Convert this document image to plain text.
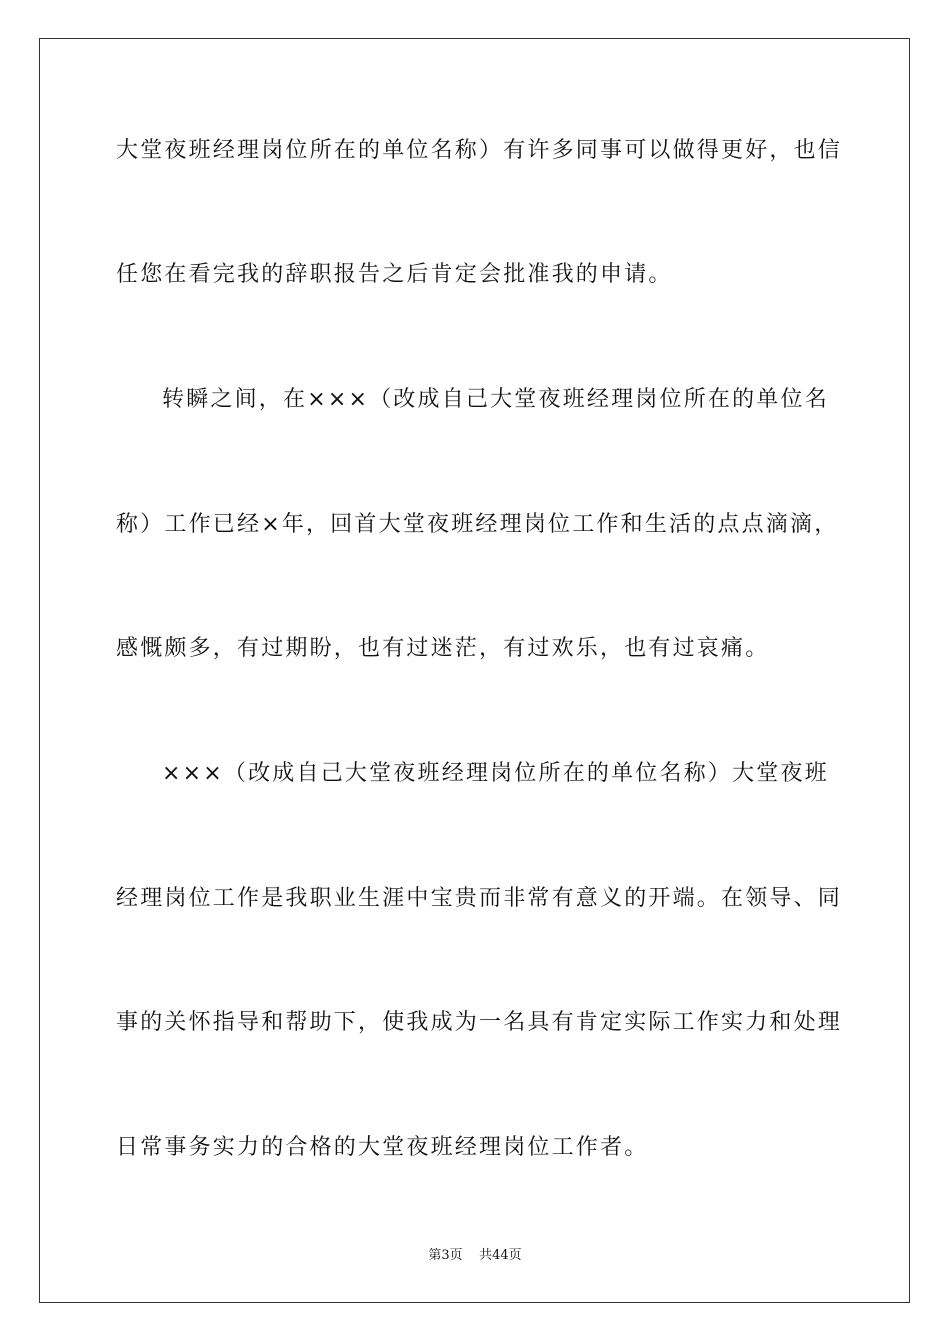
大堂夜班经理岗位所在的单位名称）有许多同事可以做得更好，也信
任您在看完我的辞职报告之后肯定会批准我的申请。
转瞬之间，在×××（改成自己大堂夜班经理岗位所在的单位名
称）工作已经×年，回首大堂夜班经理岗位工作和生活的点点滴滴，
感慨颇多，有过期盼，也有过迷茫，有过欢乐，也有过哀痛。
×××（改成自己大堂夜班经理岗位所在的单位名称）大堂夜班
经理岗位工作是我职业生涯中宝贵而非常有意义的开端。在领导、同
事的关怀指导和帮助下，使我成为一名具有肯定实际工作实力和处理
日常事务实力的合格的大堂夜班经理岗位工作者。
第3页 共44页
